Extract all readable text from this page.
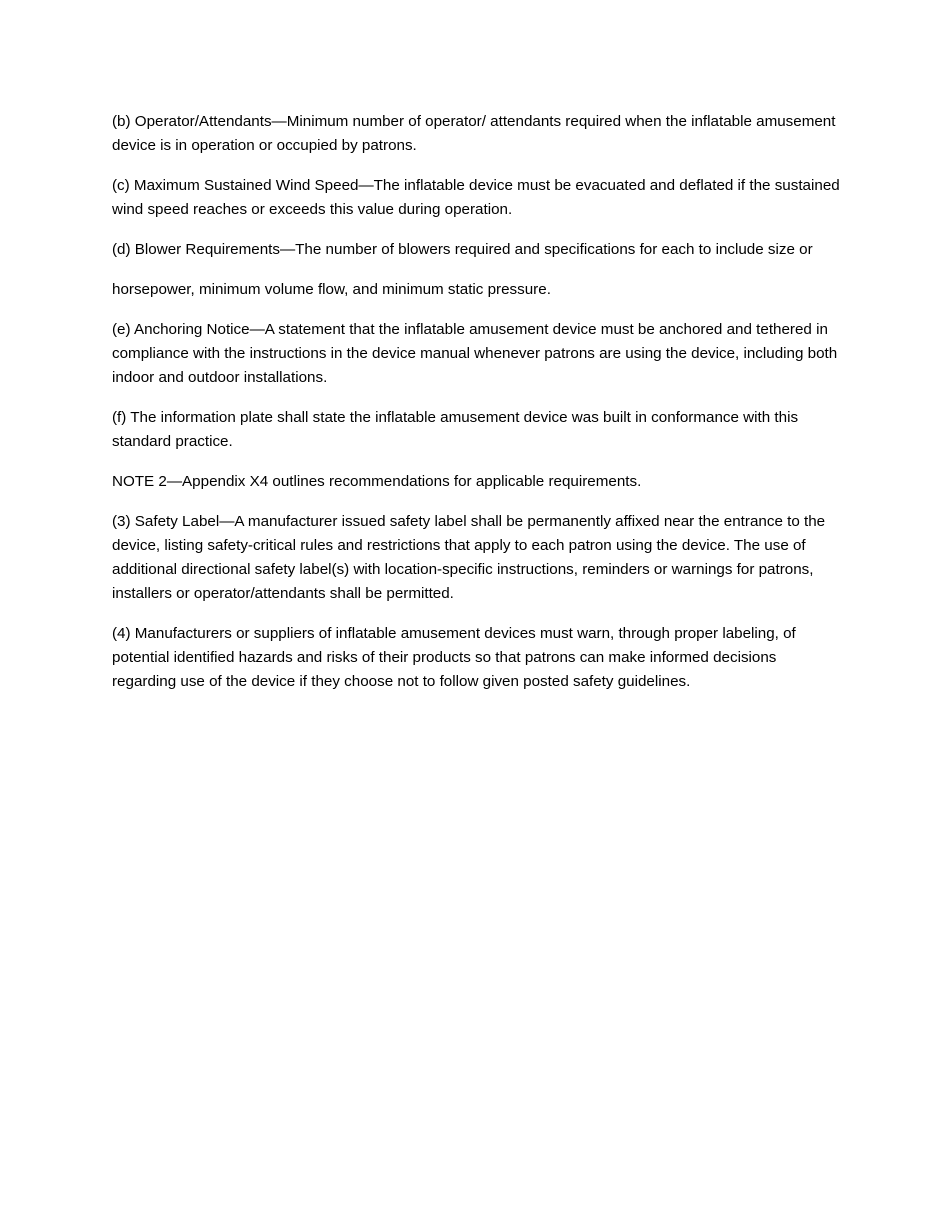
(b) Operator/Attendants—Minimum number of operator/ attendants required when the inflatable amusement device is in operation or occupied by patrons.

(c) Maximum Sustained Wind Speed—The inflatable device must be evacuated and deflated if the sustained wind speed reaches or exceeds this value during operation.

(d) Blower Requirements—The number of blowers required and specifications for each to include size or

horsepower, minimum volume flow, and minimum static pressure.

(e) Anchoring Notice—A statement that the inflatable amusement device must be anchored and tethered in compliance with the instructions in the device manual whenever patrons are using the device, including both indoor and outdoor installations.

(f) The information plate shall state the inflatable amusement device was built in conformance with this standard practice.

NOTE 2—Appendix X4 outlines recommendations for applicable requirements.

(3) Safety Label—A manufacturer issued safety label shall be permanently affixed near the entrance to the device, listing safety-critical rules and restrictions that apply to each patron using the device. The use of additional directional safety label(s) with location-specific instructions, reminders or warnings for patrons, installers or operator/attendants shall be permitted.

(4) Manufacturers or suppliers of inflatable amusement devices must warn, through proper labeling, of potential identified hazards and risks of their products so that patrons can make informed decisions regarding use of the device if they choose not to follow given posted safety guidelines.
